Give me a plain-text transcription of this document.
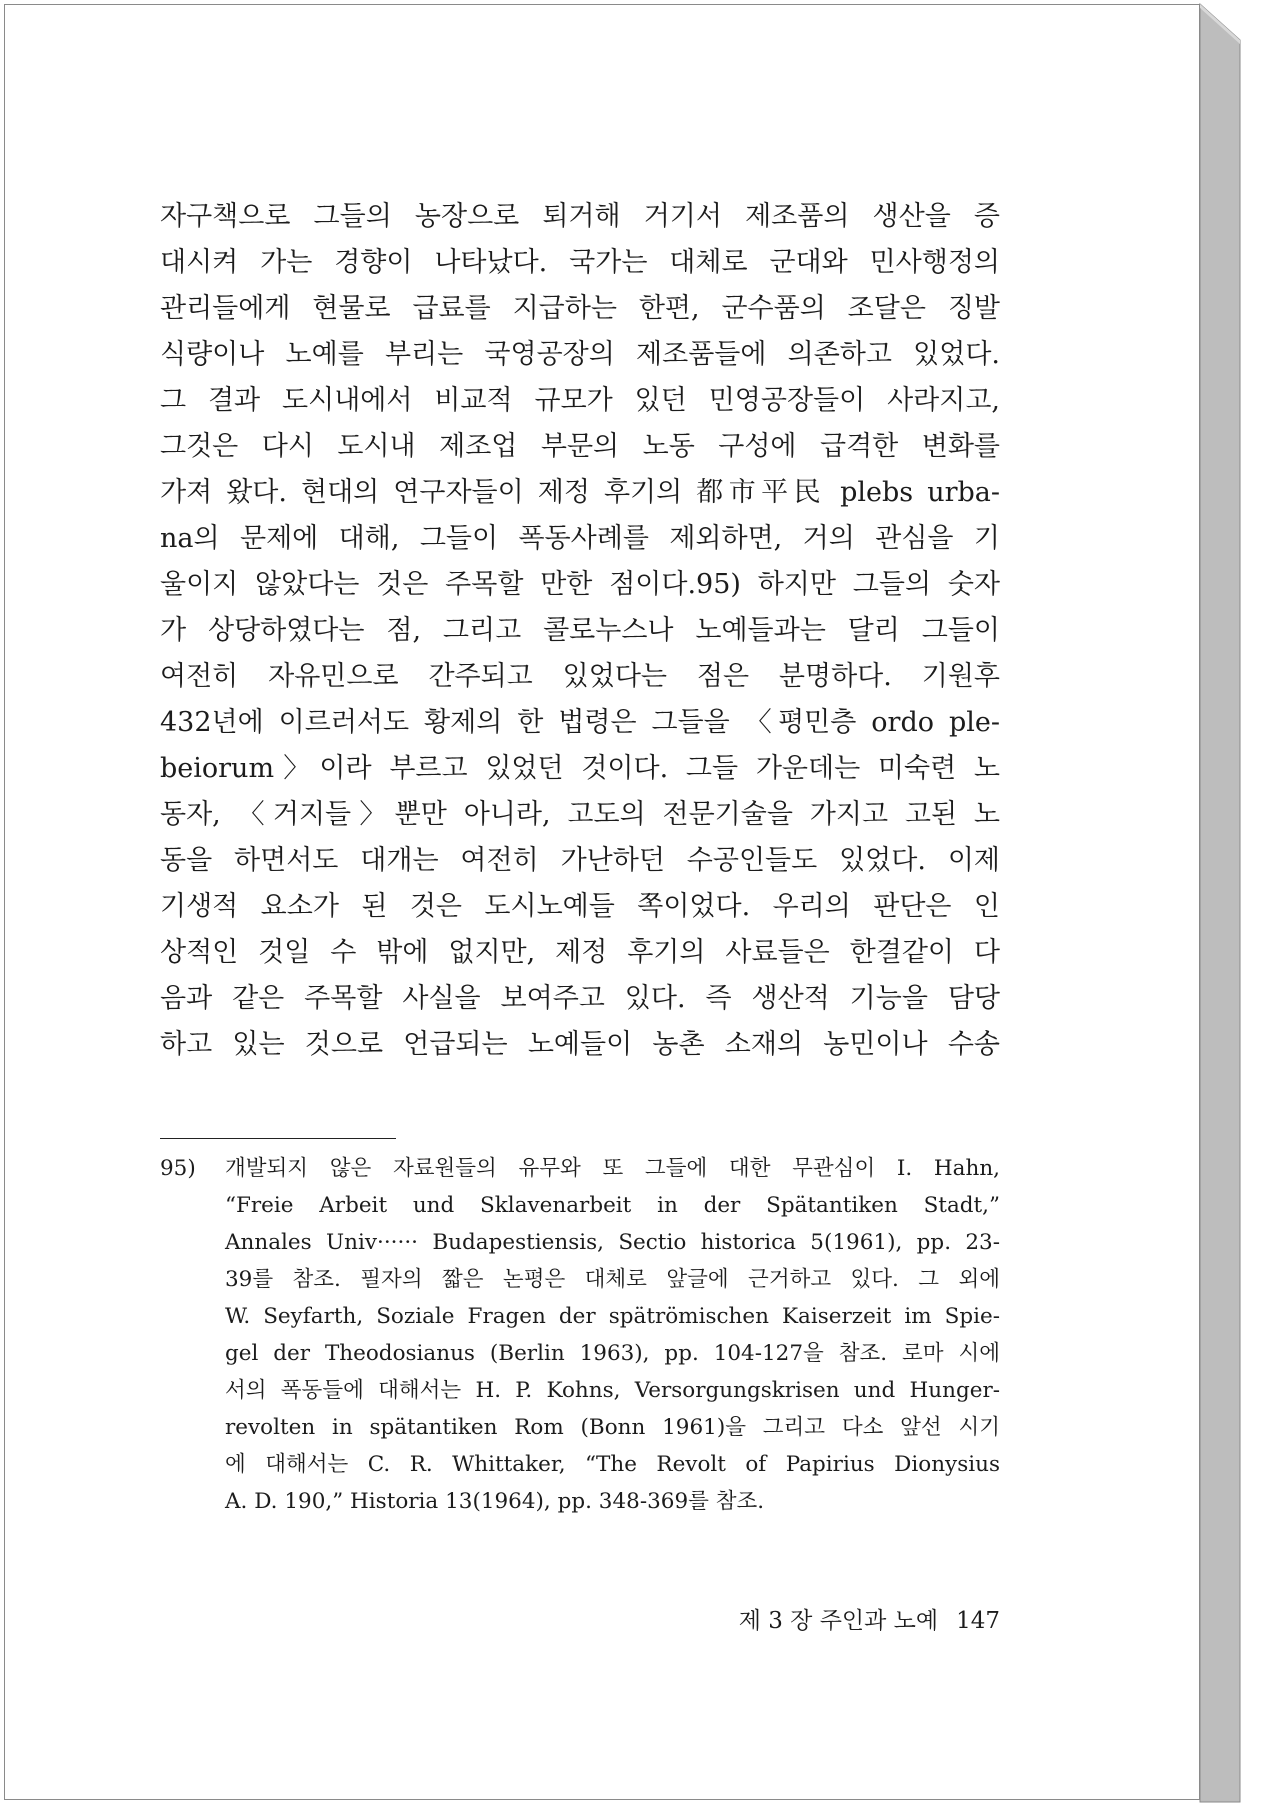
자구책으로 그들의 농장으로 퇴거해 거기서 제조품의 생산을 증
대시켜 가는 경향이 나타났다. 국가는 대체로 군대와 민사행정의
관리들에게 현물로 급료를 지급하는 한편, 군수품의 조달은 징발
식량이나 노예를 부리는 국영공장의 제조품들에 의존하고 있었다.
그 결과 도시내에서 비교적 규모가 있던 민영공장들이 사라지고,
그것은 다시 도시내 제조업 부문의 노동 구성에 급격한 변화를
가져 왔다. 현대의 연구자들이 제정 후기의 都市平民 plebs urba-
na의 문제에 대해, 그들이 폭동사례를 제외하면, 거의 관심을 기
울이지 않았다는 것은 주목할 만한 점이다.95) 하지만 그들의 숫자
가 상당하였다는 점, 그리고 콜로누스나 노예들과는 달리 그들이
여전히 자유민으로 간주되고 있었다는 점은 분명하다. 기원후
432년에 이르러서도 황제의 한 법령은 그들을 〈평민층 ordo ple-
beiorum〉이라 부르고 있었던 것이다. 그들 가운데는 미숙련 노
동자, 〈거지들〉뿐만 아니라, 고도의 전문기술을 가지고 고된 노
동을 하면서도 대개는 여전히 가난하던 수공인들도 있었다. 이제
기생적 요소가 된 것은 도시노예들 쪽이었다. 우리의 판단은 인
상적인 것일 수 밖에 없지만, 제정 후기의 사료들은 한결같이 다
음과 같은 주목할 사실을 보여주고 있다. 즉 생산적 기능을 담당
하고 있는 것으로 언급되는 노예들이 농촌 소재의 농민이나 수송
95)	개발되지 않은 자료원들의 유무와 또 그들에 대한 무관심이 I. Hahn,
“Freie Arbeit und Sklavenarbeit in der Spätantiken Stadt,”
Annales Univ······ Budapestiensis, Sectio historica 5(1961), pp. 23-
39를 참조. 필자의 짧은 논평은 대체로 앞글에 근거하고 있다. 그 외에
W. Seyfarth, Soziale Fragen der spätrömischen Kaiserzeit im Spie-
gel der Theodosianus (Berlin 1963), pp. 104-127을 참조. 로마 시에
서의 폭동들에 대해서는 H. P. Kohns, Versorgungskrisen und Hunger-
revolten in spätantiken Rom (Bonn 1961)을 그리고 다소 앞선 시기
에 대해서는 C. R. Whittaker, “The Revolt of Papirius Dionysius
A. D. 190,” Historia 13(1964), pp. 348-369를 참조.
제 3 장 주인과 노예 147
